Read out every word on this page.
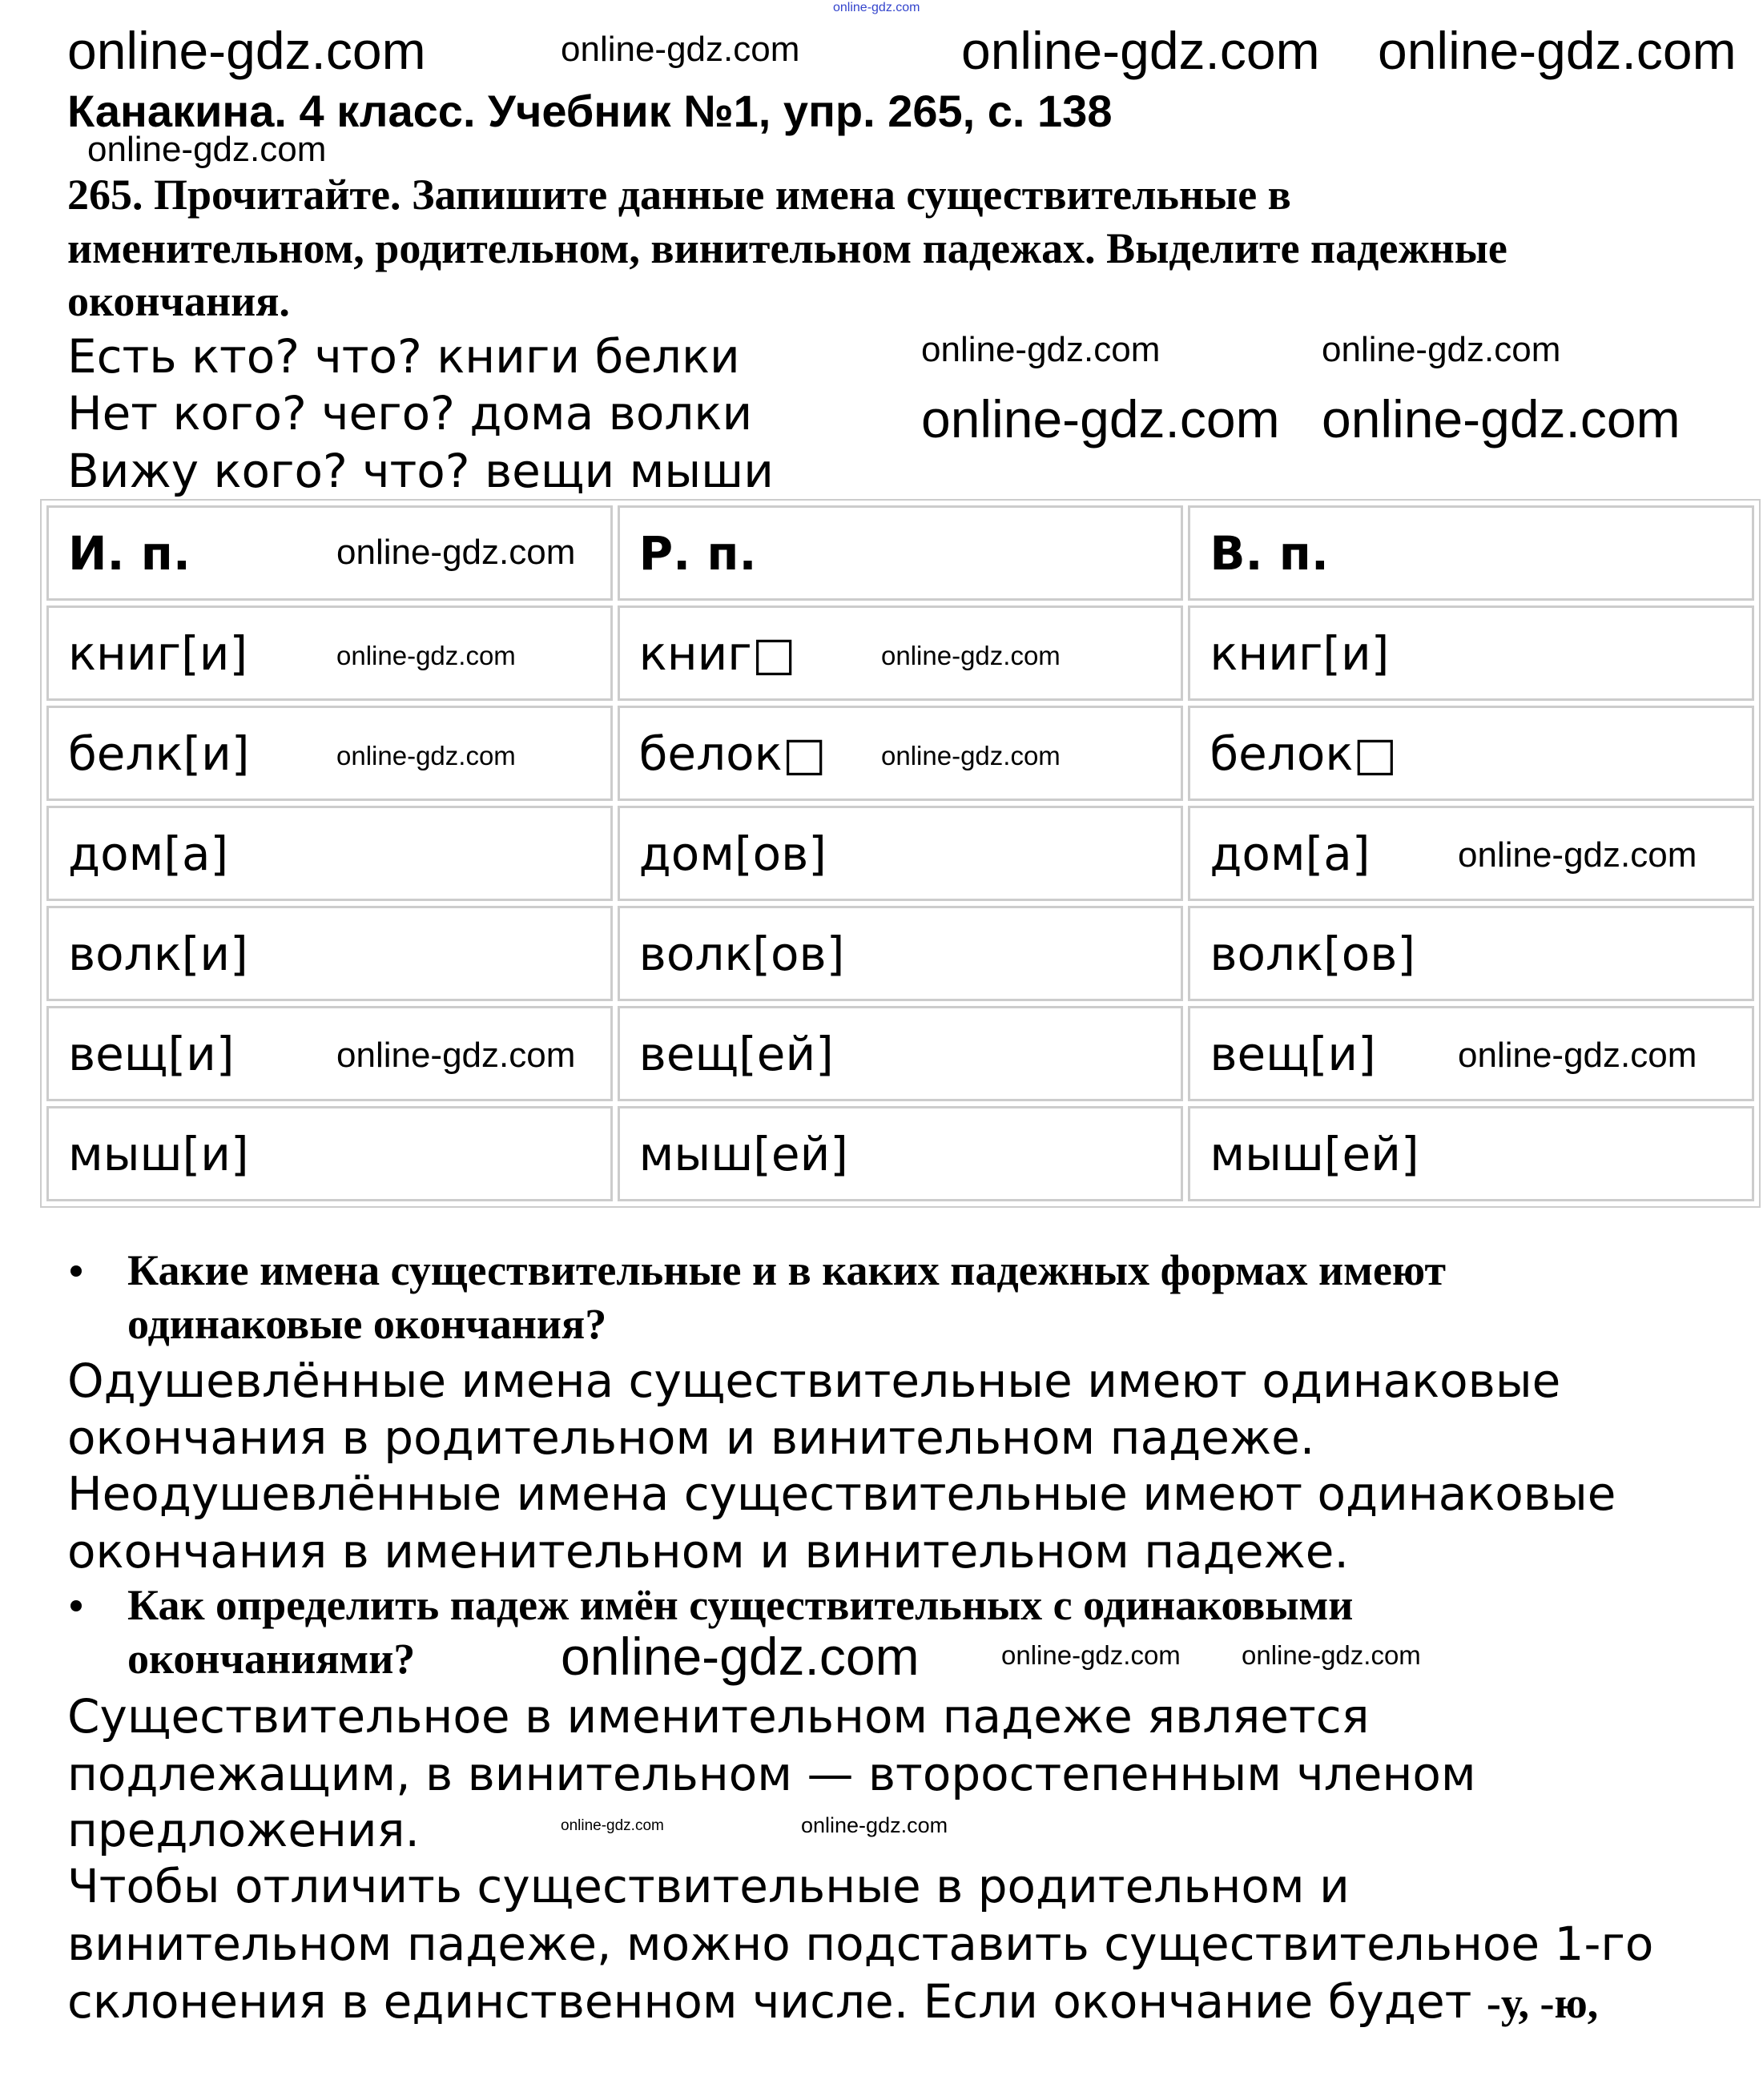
online-gdz.com
Канакина. 4 класс. Учебник №1, упр. 265, с. 138
265. Прочитайте. Запишите данные имена существительные в
именительном, родительном, винительном падежах. Выделите падежные
окончания.
Есть кто? что? книги белки
Нет кого? чего? дома волки
Вижу кого? что? вещи мыши
И. п.	Р. п.	В. п.
книг[и]	книг□	книг[и]
белк[и]	белок□	белок□
дом[а]	дом[ов]	дом[а]
волк[и]	волк[ов]	волк[ов]
вещ[и]	вещ[ей]	вещ[и]
мыш[и]	мыш[ей]	мыш[ей]
Какие имена существительные и в каких падежных формах имеют
одинаковые окончания?
Одушевлённые имена существительные имеют одинаковые
окончания в родительном и винительном падеже.
Неодушевлённые имена существительные имеют одинаковые
окончания в именительном и винительном падеже.
Как определить падеж имён существительных с одинаковыми
окончаниями?
Существительное в именительном падеже является
подлежащим, в винительном — второстепенным членом
предложения.
Чтобы отличить существительные в родительном и
винительном падеже, можно подставить существительное 1-го
склонения в единственном числе. Если окончание будет -у, -ю,
online-gdz.com
online-gdz.com
online-gdz.com
online-gdz.com	online-gdz.com
online-gdz.com
online-gdz.com
online-gdz.com
online-gdz.com	online-gdz.com
online-gdz.com
online-gdz.com
online-gdz.com
online-gdz.com
online-gdz.com
online-gdz.com
online-gdz.com
online-gdz.com
online-gdz.com
online-gdz.com	online-gdz.com
online-gdz.com
